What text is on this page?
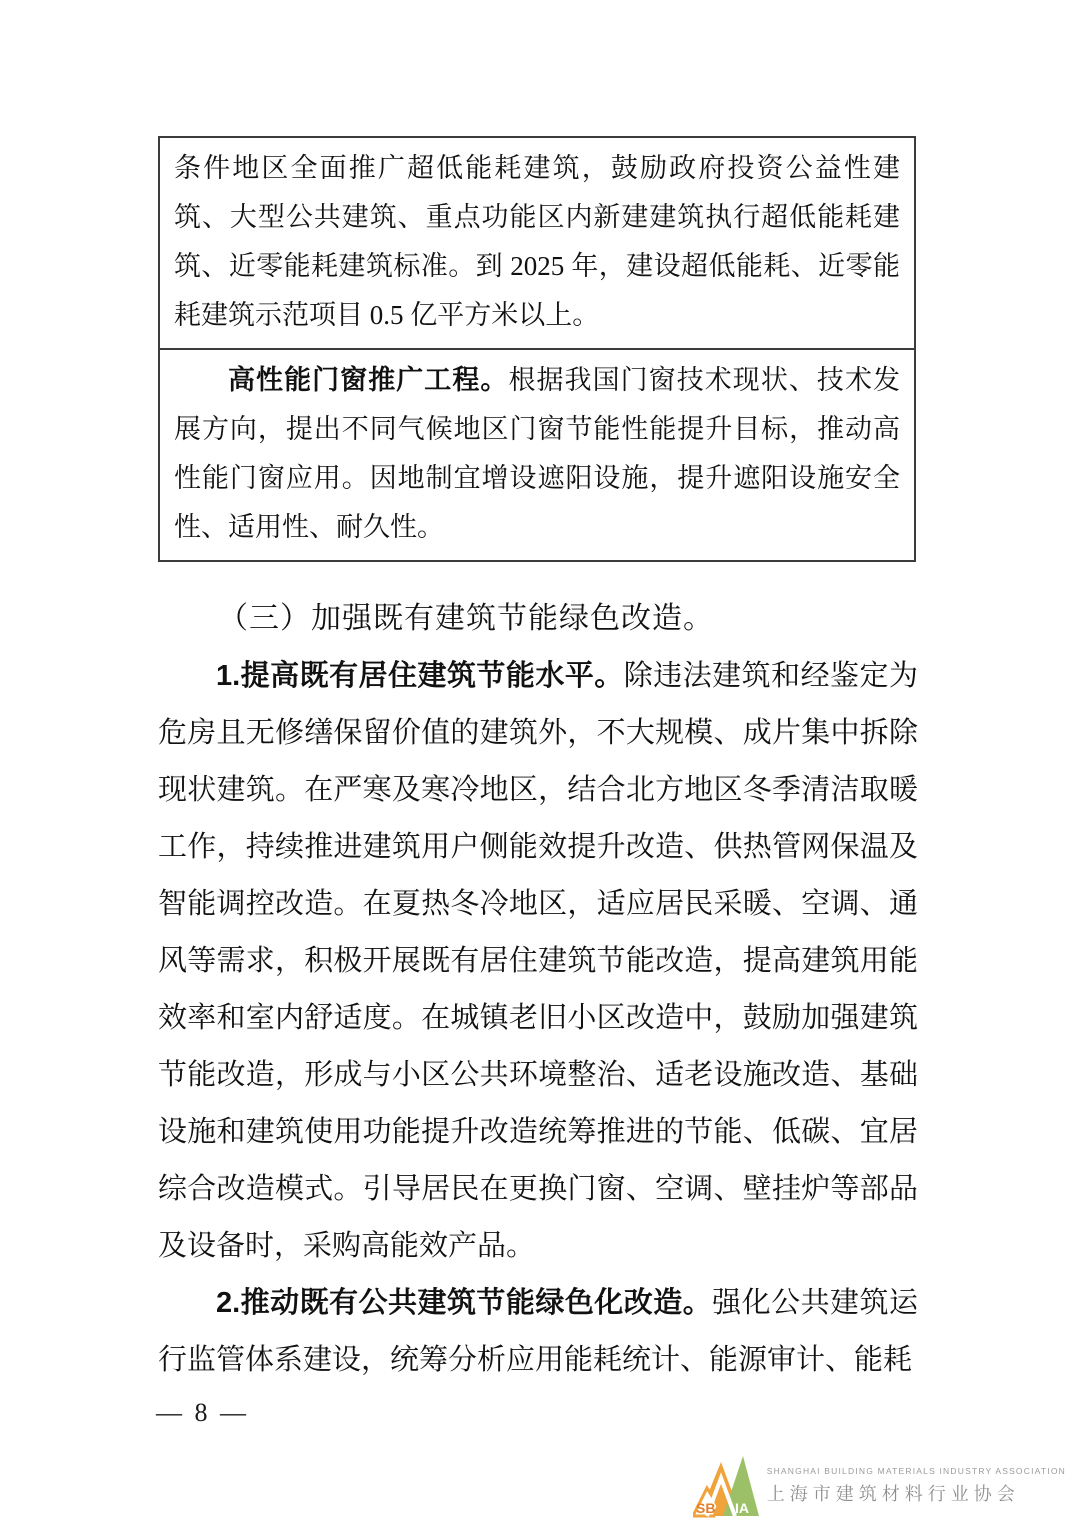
条件地区全面推广超低能耗建筑，鼓励政府投资公益性建筑、大型公共建筑、重点功能区内新建建筑执行超低能耗建筑、近零能耗建筑标准。到 2025 年，建设超低能耗、近零能耗建筑示范项目 0.5 亿平方米以上。

高性能门窗推广工程。根据我国门窗技术现状、技术发展方向，提出不同气候地区门窗节能性能提升目标，推动高性能门窗应用。因地制宜增设遮阳设施，提升遮阳设施安全性、适用性、耐久性。

（三）加强既有建筑节能绿色改造。

1.提高既有居住建筑节能水平。除违法建筑和经鉴定为危房且无修缮保留价值的建筑外，不大规模、成片集中拆除现状建筑。在严寒及寒冷地区，结合北方地区冬季清洁取暖工作，持续推进建筑用户侧能效提升改造、供热管网保温及智能调控改造。在夏热冬冷地区，适应居民采暖、空调、通风等需求，积极开展既有居住建筑节能改造，提高建筑用能效率和室内舒适度。在城镇老旧小区改造中，鼓励加强建筑节能改造，形成与小区公共环境整治、适老设施改造、基础设施和建筑使用功能提升改造统筹推进的节能、低碳、宜居综合改造模式。引导居民在更换门窗、空调、壁挂炉等部品及设备时，采购高能效产品。

2.推动既有公共建筑节能绿色化改造。强化公共建筑运行监管体系建设，统筹分析应用能耗统计、能源审计、能耗

— 8 —
SB IA
SHANGHAI BUILDING MATERIALS INDUSTRY ASSOCIATION
上海市建筑材料行业协会
